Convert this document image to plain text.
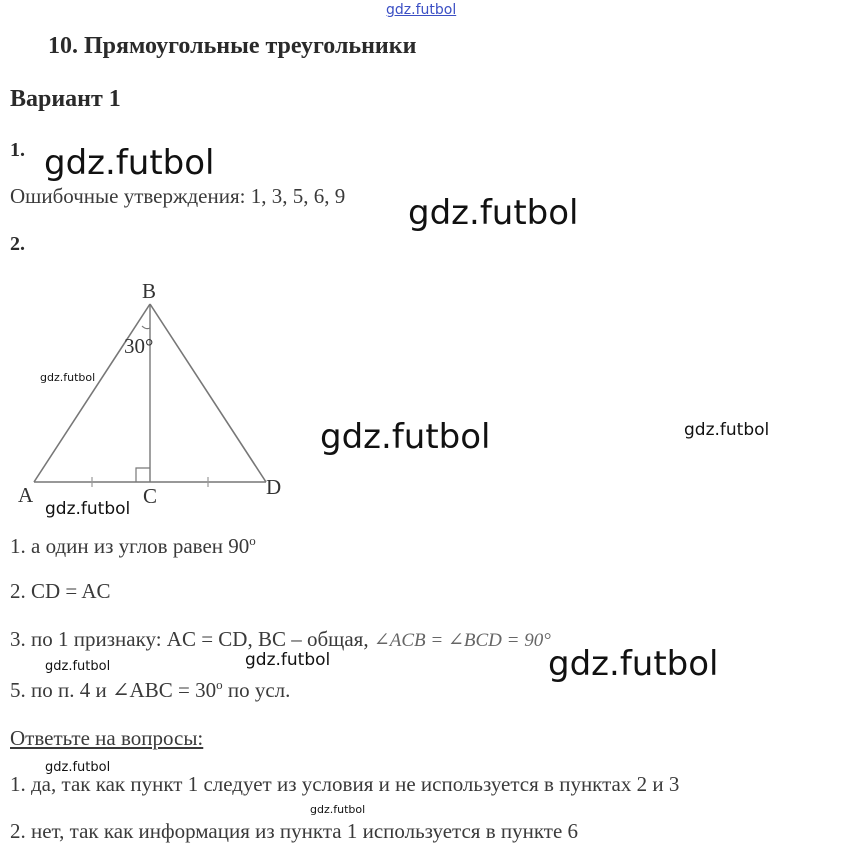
gdz.futbol
10. Прямоугольные треугольники
Вариант 1
1.
Ошибочные утверждения: 1, 3, 5, 6, 9
gdz.futbol
gdz.futbol
2.
B
A	C	D
30°
gdz.futbol
gdz.futbol	gdz.futbol
gdz.futbol
1. а один из углов равен 90$^o$
2. CD = AC
3. по 1 признаку: AC = CD, BC – общая, ∠ACB = ∠BCD = 90°
gdz.futbol	gdz.futbol	gdz.futbol
5. по п. 4 и ∠ABC = $30^o$ по усл.
Ответьте на вопросы:
gdz.futbol
1. да, так как пункт 1 следует из условия и не используется в пунктах 2 и 3
gdz.futbol
2. нет, так как информация из пункта 1 используется в пункте 6
